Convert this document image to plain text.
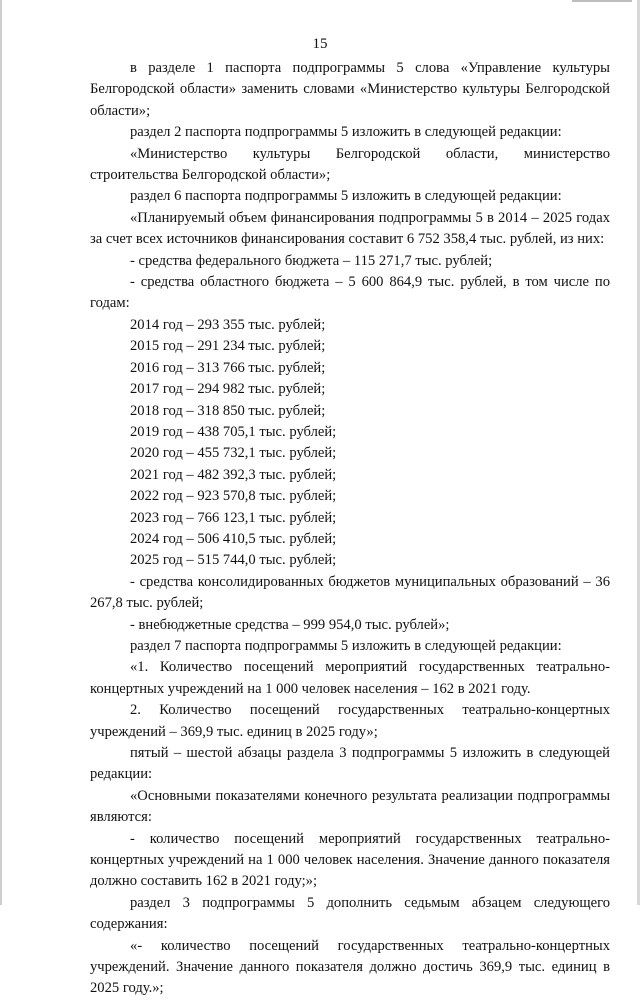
15

в разделе 1 паспорта подпрограммы 5 слова «Управление культуры Белгородской области» заменить словами «Министерство культуры Белгородской области»;

раздел 2 паспорта подпрограммы 5 изложить в следующей редакции:

«Министерство культуры Белгородской области, министерство строительства Белгородской области»;

раздел 6 паспорта подпрограммы 5 изложить в следующей редакции:

«Планируемый объем финансирования подпрограммы 5 в 2014 – 2025 годах за счет всех источников финансирования составит 6 752 358,4 тыс. рублей, из них:

- средства федерального бюджета – 115 271,7 тыс. рублей;

- средства областного бюджета – 5 600 864,9 тыс. рублей, в том числе по годам:

2014 год – 293 355 тыс. рублей;

2015 год – 291 234 тыс. рублей;

2016 год – 313 766 тыс. рублей;

2017 год – 294 982 тыс. рублей;

2018 год – 318 850 тыс. рублей;

2019 год – 438 705,1 тыс. рублей;

2020 год – 455 732,1 тыс. рублей;

2021 год – 482 392,3 тыс. рублей;

2022 год – 923 570,8 тыс. рублей;

2023 год – 766 123,1 тыс. рублей;

2024 год – 506 410,5 тыс. рублей;

2025 год – 515 744,0 тыс. рублей;

- средства консолидированных бюджетов муниципальных образований – 36 267,8 тыс. рублей;

- внебюджетные средства – 999 954,0 тыс. рублей»;

раздел 7 паспорта подпрограммы 5 изложить в следующей редакции:

«1. Количество посещений мероприятий государственных театрально-концертных учреждений на 1 000 человек населения – 162 в 2021 году.

2. Количество посещений государственных театрально-концертных учреждений – 369,9 тыс. единиц в 2025 году»;

пятый – шестой абзацы раздела 3 подпрограммы 5 изложить в следующей редакции:

«Основными показателями конечного результата реализации подпрограммы являются:

- количество посещений мероприятий государственных театрально-концертных учреждений на 1 000 человек населения. Значение данного показателя должно составить 162 в 2021 году;»;

раздел 3 подпрограммы 5 дополнить седьмым абзацем следующего содержания:

«- количество посещений государственных театрально-концертных учреждений. Значение данного показателя должно достичь 369,9 тыс. единиц в 2025 году.»;
